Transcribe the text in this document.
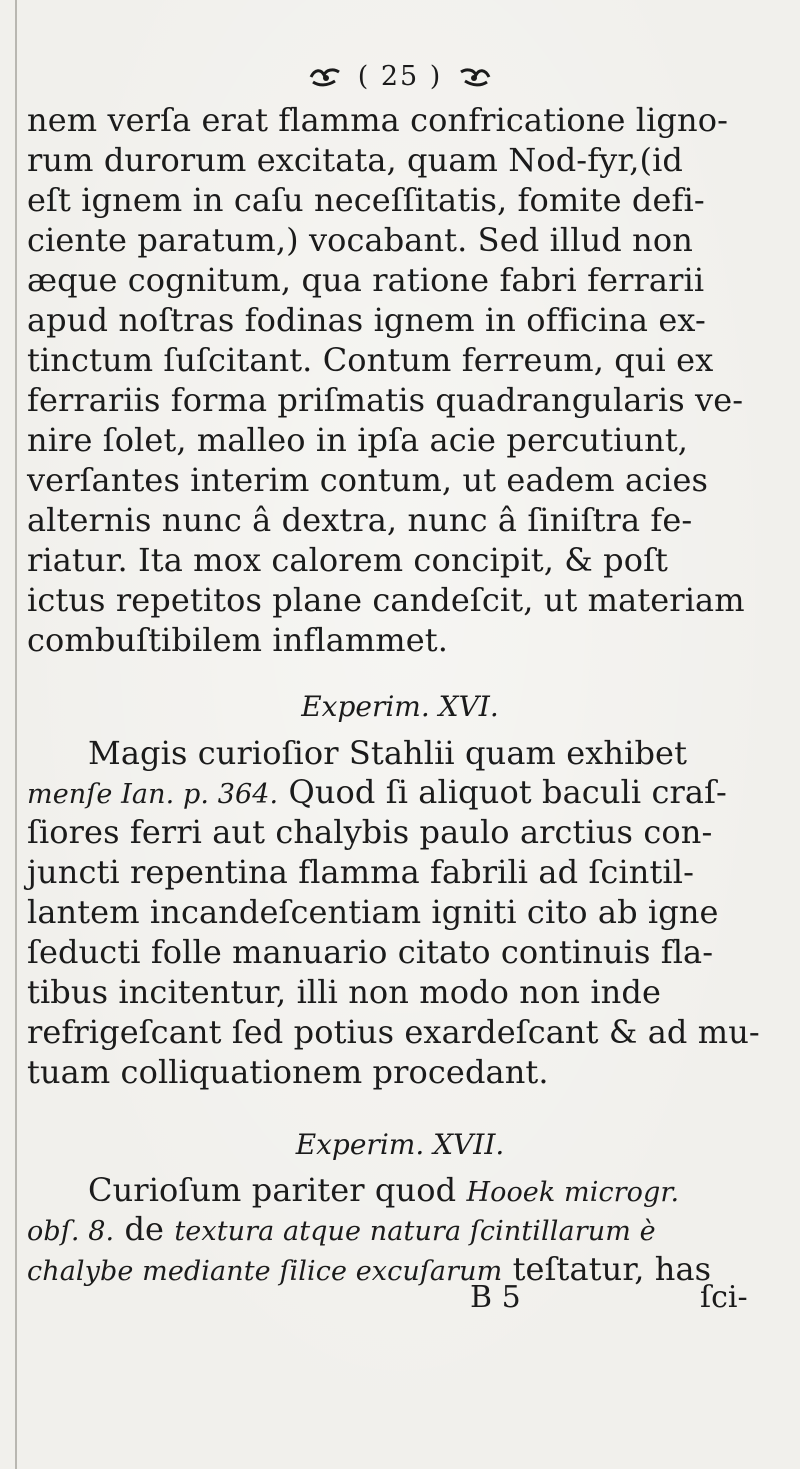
( 25 )
nem verſa erat flamma confricatione ligno-
rum durorum excitata, quam Nod-fyr,(id
eſt ignem in caſu neceſſitatis, fomite defi-
ciente paratum,) vocabant. Sed illud non
æque cognitum, qua ratione fabri ferrarii
apud noſtras fodinas ignem in officina ex-
tinctum ſuſcitant. Contum ferreum, qui ex
ferrariis forma priſmatis quadrangularis ve-
nire ſolet, malleo in ipſa acie percutiunt,
verſantes interim contum, ut eadem acies
alternis nunc â dextra, nunc â ſiniſtra fe-
riatur. Ita mox calorem concipit, & poſt
ictus repetitos plane candeſcit, ut materiam
combuſtibilem inflammet.
Experim. XVI.
Magis curioſior Stahlii quam exhibet
menſe Ian. p. 364. Quod ſi aliquot baculi craſ-
ſiores ferri aut chalybis paulo arctius con-
juncti repentina flamma fabrili ad ſcintil-
lantem incandeſcentiam igniti cito ab igne
ſeducti folle manuario citato continuis fla-
tibus incitentur, illi non modo non inde
refrigeſcant ſed potius exardeſcant & ad mu-
tuam colliquationem procedant.
Experim. XVII.
Curioſum pariter quod Hooek microgr.
obſ. 8. de textura atque natura ſcintillarum è
chalybe mediante ſilice excuſarum teſtatur, has
B 5	ſci-
